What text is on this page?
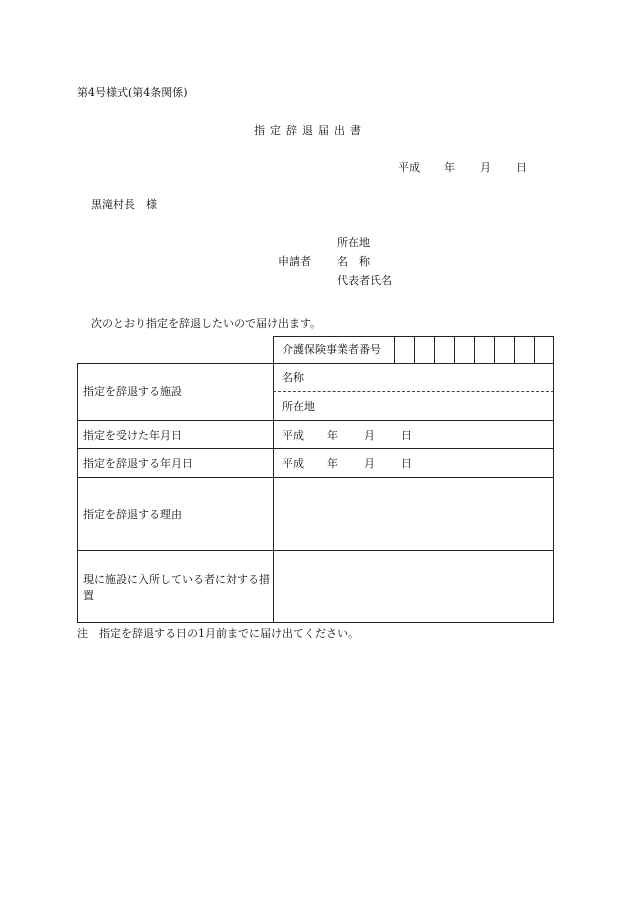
第4号様式(第4条関係)
指定辞退届出書
平成 年 月 日
黒滝村長　様
申請者
所在地
名　称
代表者氏名
次のとおり指定を辞退したいので届け出ます。
介護保険事業者番号
指定を辞退する施設
名称
所在地
指定を受けた年月日	平成 年 月 日
指定を辞退する年月日	平成 年 月 日
指定を辞退する理由
現に施設に入所している者に対する措置
注　指定を辞退する日の1月前までに届け出てください。
